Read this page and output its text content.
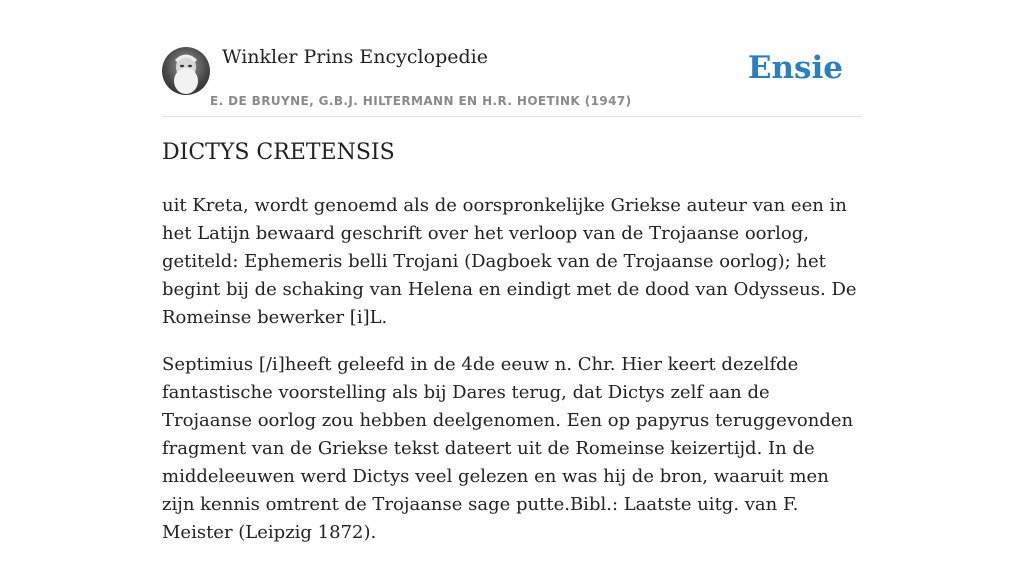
Winkler Prins Encyclopedie
E. DE BRUYNE, G.B.J. HILTERMANN EN H.R. HOETINK (1947)
Ensie
DICTYS CRETENSIS

uit Kreta, wordt genoemd als de oorspronkelijke Griekse auteur van een in het Latijn bewaard geschrift over het verloop van de Trojaanse oorlog, getiteld: Ephemeris belli Trojani (Dagboek van de Trojaanse oorlog); het begint bij de schaking van Helena en eindigt met de dood van Odysseus. De Romeinse bewerker [i]L.

Septimius [/i]heeft geleefd in de 4de eeuw n. Chr. Hier keert dezelfde fantastische voorstelling als bij Dares terug, dat Dictys zelf aan de Trojaanse oorlog zou hebben deelgenomen. Een op papyrus teruggevonden fragment van de Griekse tekst dateert uit de Romeinse keizertijd. In de middeleeuwen werd Dictys veel gelezen en was hij de bron, waaruit men zijn kennis omtrent de Trojaanse sage putte.Bibl.: Laatste uitg. van F. Meister (Leipzig 1872).
